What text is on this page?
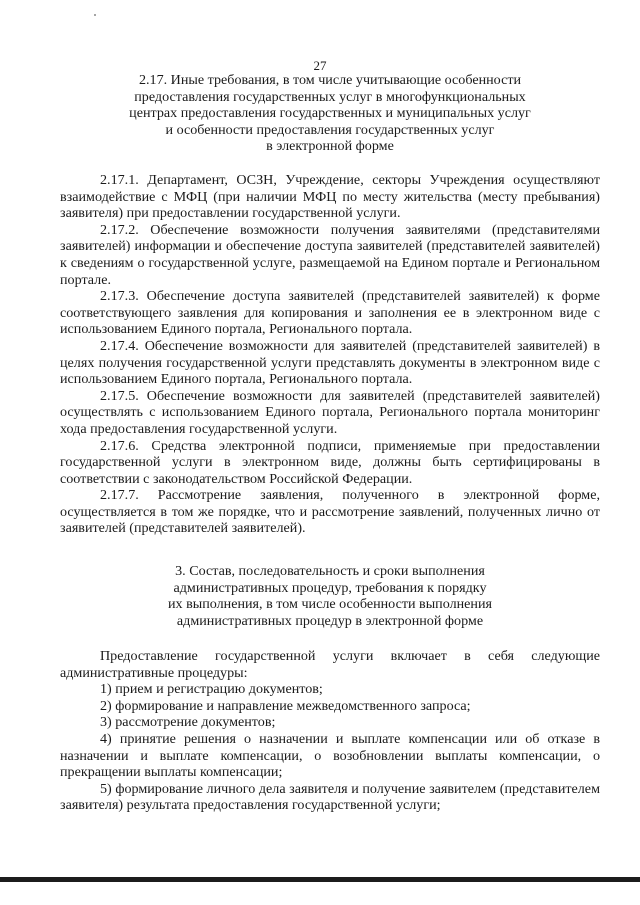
27
2.17. Иные требования, в том числе учитывающие особенности
предоставления государственных услуг в многофункциональных
центрах предоставления государственных и муниципальных услуг
и особенности предоставления государственных услуг
в электронной форме

2.17.1. Департамент, ОСЗН, Учреждение, секторы Учреждения осуществляют взаимодействие с МФЦ (при наличии МФЦ по месту жительства (месту пребывания) заявителя) при предоставлении государственной услуги.

2.17.2. Обеспечение возможности получения заявителями (представителями заявителей) информации и обеспечение доступа заявителей (представителей заявителей) к сведениям о государственной услуге, размещаемой на Едином портале и Региональном портале.

2.17.3. Обеспечение доступа заявителей (представителей заявителей) к форме соответствующего заявления для копирования и заполнения ее в электронном виде с использованием Единого портала, Регионального портала.

2.17.4. Обеспечение возможности для заявителей (представителей заявителей) в целях получения государственной услуги представлять документы в электронном виде с использованием Единого портала, Регионального портала.

2.17.5. Обеспечение возможности для заявителей (представителей заявителей) осуществлять с использованием Единого портала, Регионального портала мониторинг хода предоставления государственной услуги.

2.17.6. Средства электронной подписи, применяемые при предоставлении государственной услуги в электронном виде, должны быть сертифицированы в соответствии с законодательством Российской Федерации.

2.17.7. Рассмотрение заявления, полученного в электронной форме, осуществляется в том же порядке, что и рассмотрение заявлений, полученных лично от заявителей (представителей заявителей).

3. Состав, последовательность и сроки выполнения
административных процедур, требования к порядку
их выполнения, в том числе особенности выполнения
административных процедур в электронной форме

Предоставление государственной услуги включает в себя следующие административные процедуры:

1) прием и регистрацию документов;

2) формирование и направление межведомственного запроса;

3) рассмотрение документов;

4) принятие решения о назначении и выплате компенсации или об отказе в назначении и выплате компенсации, о возобновлении выплаты компенсации, о прекращении выплаты компенсации;

5) формирование личного дела заявителя и получение заявителем (представителем заявителя) результата предоставления государственной услуги;
